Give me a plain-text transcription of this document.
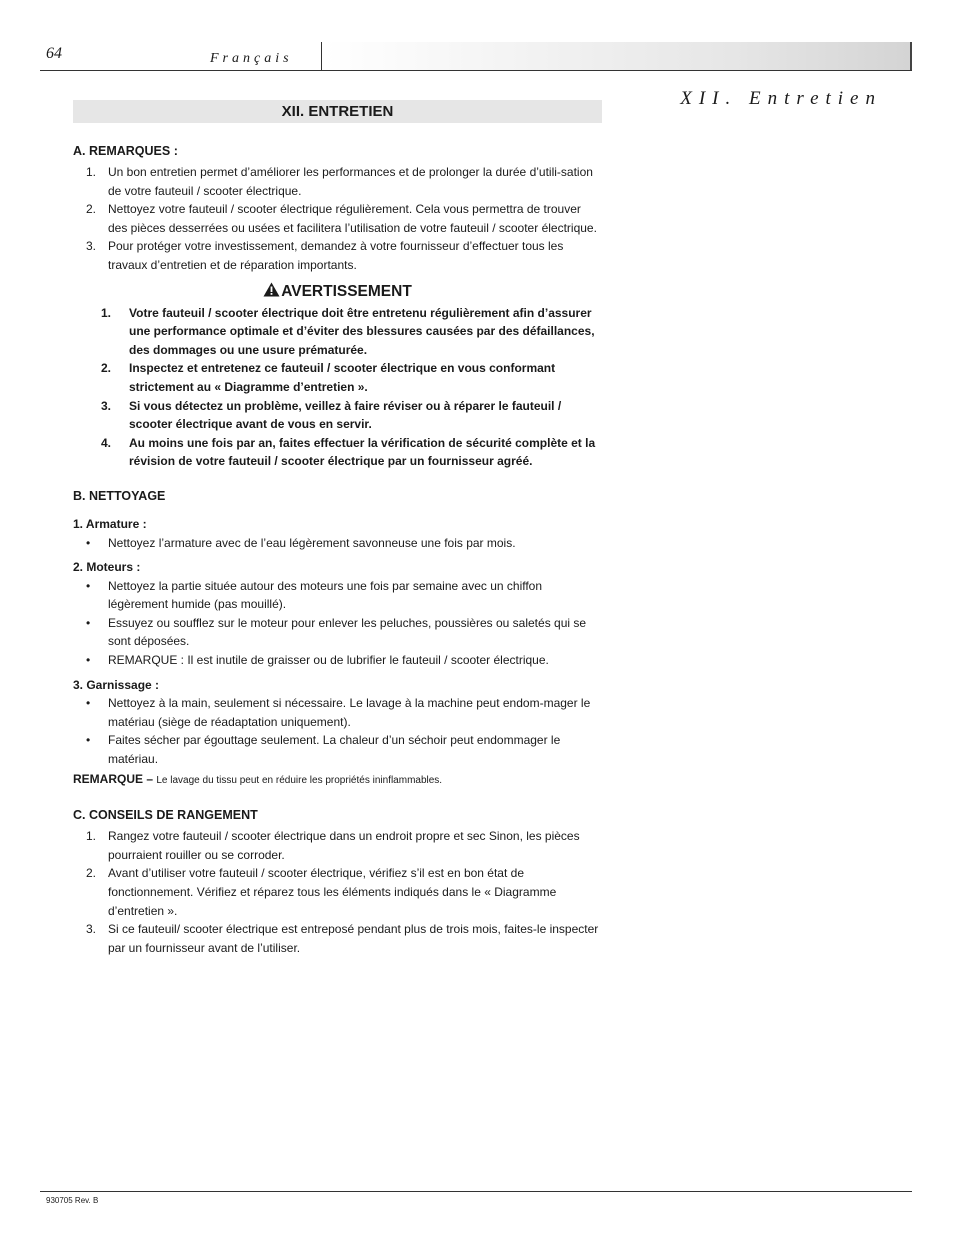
64	Français
XII. Entretien
XII. ENTRETIEN
A. REMARQUES :
1. Un bon entretien permet d’améliorer les performances et de prolonger la durée d’utili-sation de votre fauteuil / scooter électrique.
2. Nettoyez votre fauteuil / scooter électrique régulièrement. Cela vous permettra de trouver des pièces desserrées ou usées et facilitera l’utilisation de votre fauteuil / scooter électrique.
3. Pour protéger votre investissement, demandez à votre fournisseur d’effectuer tous les travaux d’entretien et de réparation importants.
AVERTISSEMENT
1. Votre fauteuil / scooter électrique doit être entretenu régulièrement afin d’assurer une performance optimale et d’éviter des blessures causées par des défaillances, des dommages ou une usure prématurée.
2. Inspectez et entretenez ce fauteuil / scooter électrique en vous conformant strictement au « Diagramme d’entretien ».
3. Si vous détectez un problème, veillez à faire réviser ou à réparer le fauteuil / scooter électrique avant de vous en servir.
4. Au moins une fois par an, faites effectuer la vérification de sécurité complète et la révision de votre fauteuil / scooter électrique par un fournisseur agréé.
B. NETTOYAGE
1. Armature :
• Nettoyez l’armature avec de l’eau légèrement savonneuse une fois par mois.
2. Moteurs :
• Nettoyez la partie située autour des moteurs une fois par semaine avec un chiffon légèrement humide (pas mouillé).
• Essuyez ou soufflez sur le moteur pour enlever les peluches, poussières ou saletés qui se sont déposées.
• REMARQUE : Il est inutile de graisser ou de lubrifier le fauteuil / scooter électrique.
3. Garnissage :
• Nettoyez à la main, seulement si nécessaire. Le lavage à la machine peut endom-mager le matériau (siège de réadaptation uniquement).
• Faites sécher par égouttage seulement. La chaleur d’un séchoir peut endommager le matériau.
REMARQUE – Le lavage du tissu peut en réduire les propriétés ininflammables.
C. CONSEILS DE RANGEMENT
1. Rangez votre fauteuil / scooter électrique dans un endroit propre et sec Sinon, les pièces pourraient rouiller ou se corroder.
2. Avant d’utiliser votre fauteuil / scooter électrique, vérifiez s’il est en bon état de fonctionnement. Vérifiez et réparez tous les éléments indiqués dans le « Diagramme d’entretien ».
3. Si ce fauteuil/ scooter électrique est entreposé pendant plus de trois mois, faites-le inspecter par un fournisseur avant de l’utiliser.
930705 Rev. B
